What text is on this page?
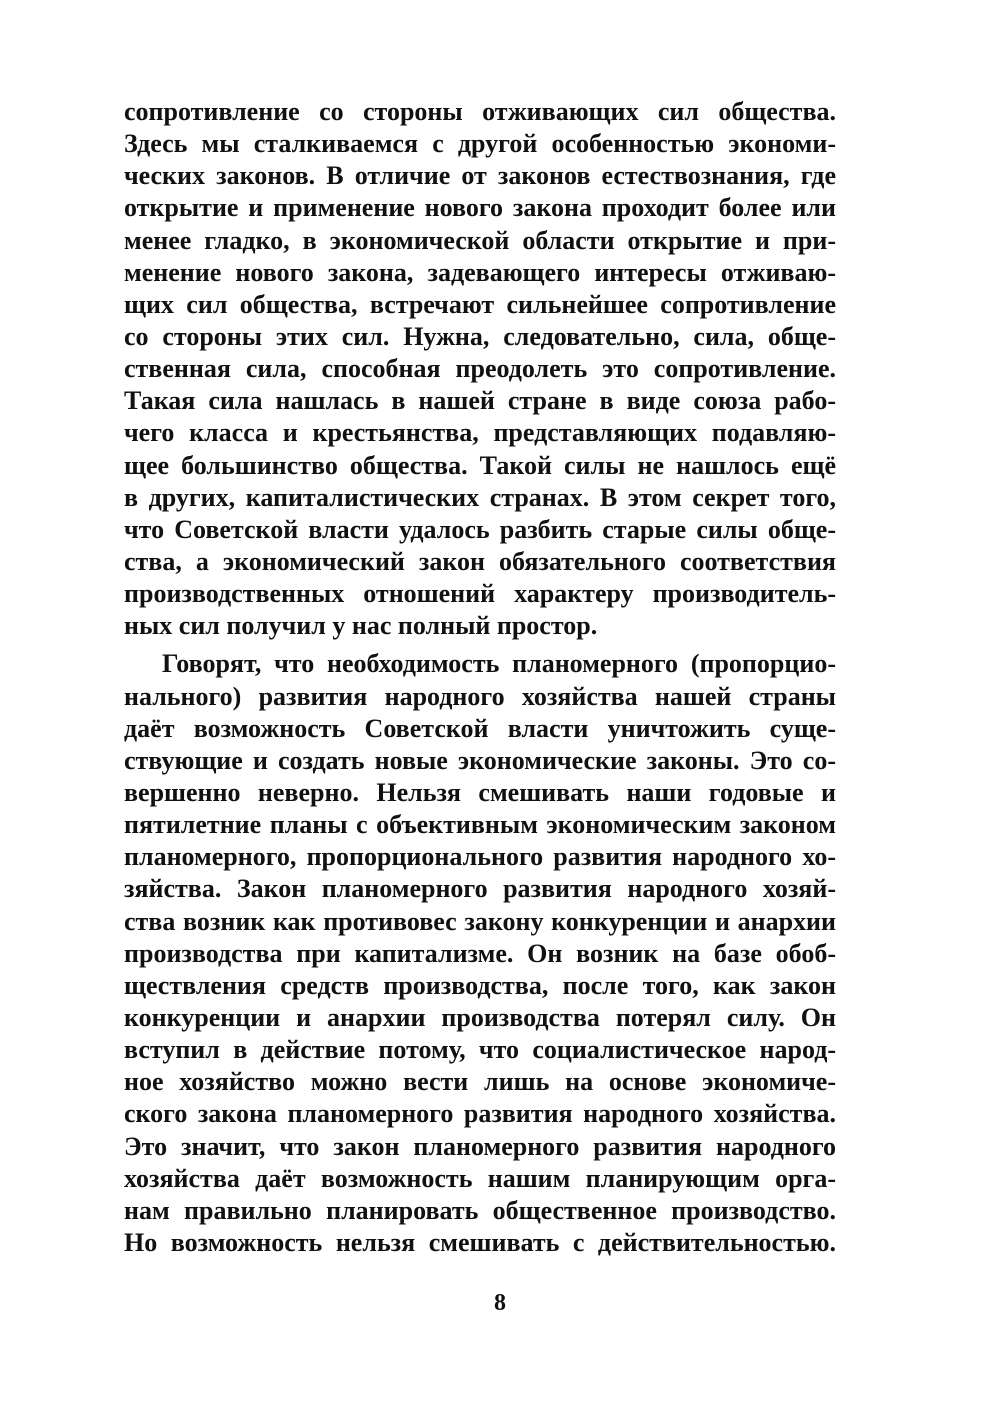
сопротивление со стороны отживающих сил общества.
Здесь мы сталкиваемся с другой особенностью экономи-
ческих законов. В отличие от законов естествознания, где
открытие и применение нового закона проходит более или
менее гладко, в экономической области открытие и при-
менение нового закона, задевающего интересы отживаю-
щих сил общества, встречают сильнейшее сопротивление
со стороны этих сил. Нужна, следовательно, сила, обще-
ственная сила, способная преодолеть это сопротивление.
Такая сила нашлась в нашей стране в виде союза рабо-
чего класса и крестьянства, представляющих подавляю-
щее большинство общества. Такой силы не нашлось ещё
в других, капиталистических странах. В этом секрет того,
что Советской власти удалось разбить старые силы обще-
ства, а экономический закон обязательного соответствия
производственных отношений характеру производитель-
ных сил получил у нас полный простор.
Говорят, что необходимость планомерного (пропорцио-
нального) развития народного хозяйства нашей страны
даёт возможность Советской власти уничтожить суще-
ствующие и создать новые экономические законы. Это со-
вершенно неверно. Нельзя смешивать наши годовые и
пятилетние планы с объективным экономическим законом
планомерного, пропорционального развития народного хо-
зяйства. Закон планомерного развития народного хозяй-
ства возник как противовес закону конкуренции и анархии
производства при капитализме. Он возник на базе обоб-
ществления средств производства, после того, как закон
конкуренции и анархии производства потерял силу. Он
вступил в действие потому, что социалистическое народ-
ное хозяйство можно вести лишь на основе экономиче-
ского закона планомерного развития народного хозяйства.
Это значит, что закон планомерного развития народного
хозяйства даёт возможность нашим планирующим орга-
нам правильно планировать общественное производство.
Но возможность нельзя смешивать с действительностью.
8
